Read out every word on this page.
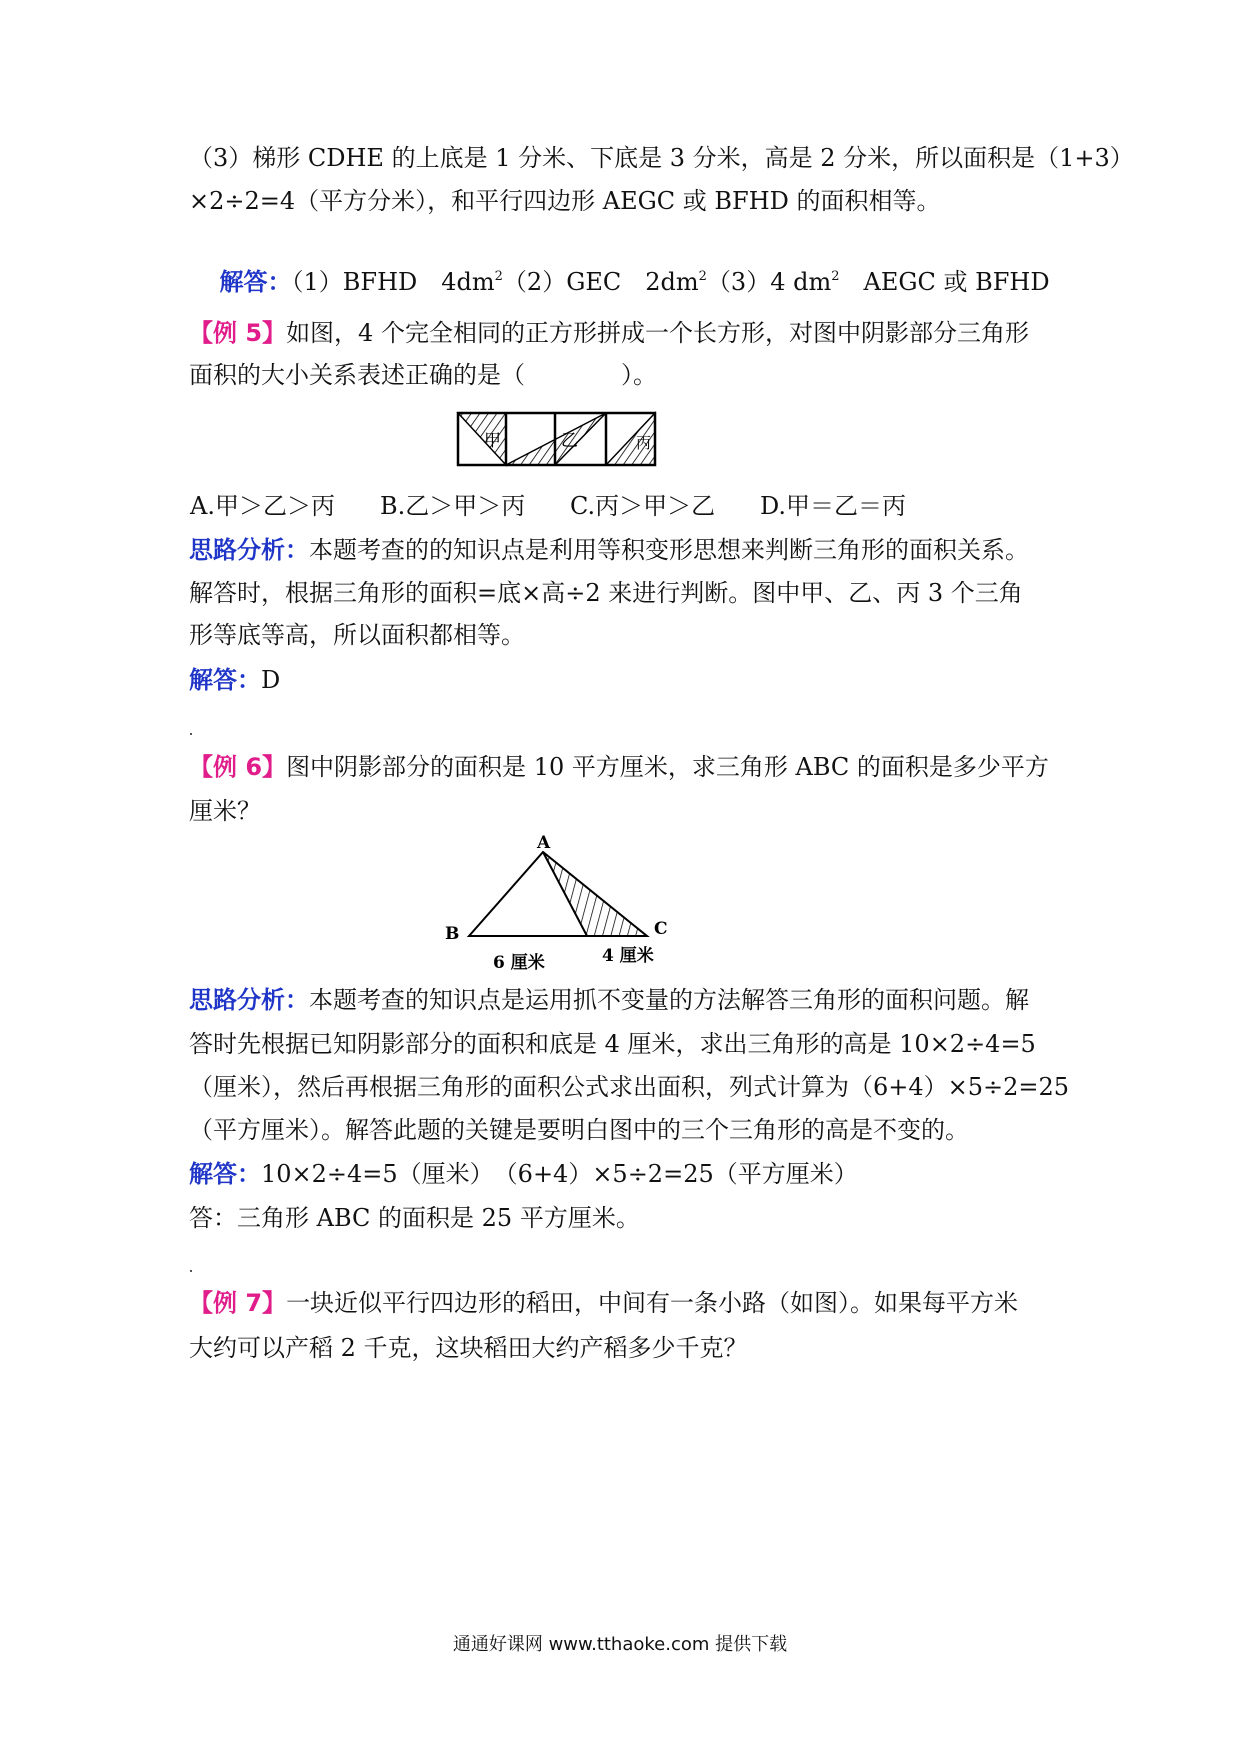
（3）梯形 CDHE 的上底是 1 分米、下底是 3 分米，高是 2 分米，所以面积是（1+3）
×2÷2=4（平方分米），和平行四边形 AEGC 或 BFHD 的面积相等。

解答：（1）BFHD　$4dm^2(2)GEC$　$2dm^2(3)4$ $dm^2$　AEGC 或 BFHD

【例 5】如图，4 个完全相同的正方形拼成一个长方形，对图中阴影部分三角形
面积的大小关系表述正确的是（　　　　）。
甲	乙	丙
A.甲＞乙＞丙 B.乙＞甲＞丙 C.丙＞甲＞乙 D.甲＝乙＝丙
思路分析：本题考查的的知识点是利用等积变形思想来判断三角形的面积关系。
解答时，根据三角形的面积=底×高÷2 来进行判断。图中甲、乙、丙 3 个三角
形等底等高，所以面积都相等。
解答：D
【例 6】图中阴影部分的面积是 10 平方厘米，求三角形 ABC 的面积是多少平方
厘米？
A
B	C
6 厘米	4 厘米
思路分析：本题考查的知识点是运用抓不变量的方法解答三角形的面积问题。解
答时先根据已知阴影部分的面积和底是 4 厘米，求出三角形的高是 10×2÷4=5
（厘米），然后再根据三角形的面积公式求出面积，列式计算为（6+4）×5÷2=25
（平方厘米）。解答此题的关键是要明白图中的三个三角形的高是不变的。
解答：10×2÷4=5（厘米）　（6+4）×5÷2=25（平方厘米）
答：三角形 ABC 的面积是 25 平方厘米。
【例 7】一块近似平行四边形的稻田，中间有一条小路（如图）。如果每平方米
大约可以产稻 2 千克，这块稻田大约产稻多少千克？
通通好课网 www.tthaoke.com 提供下载
